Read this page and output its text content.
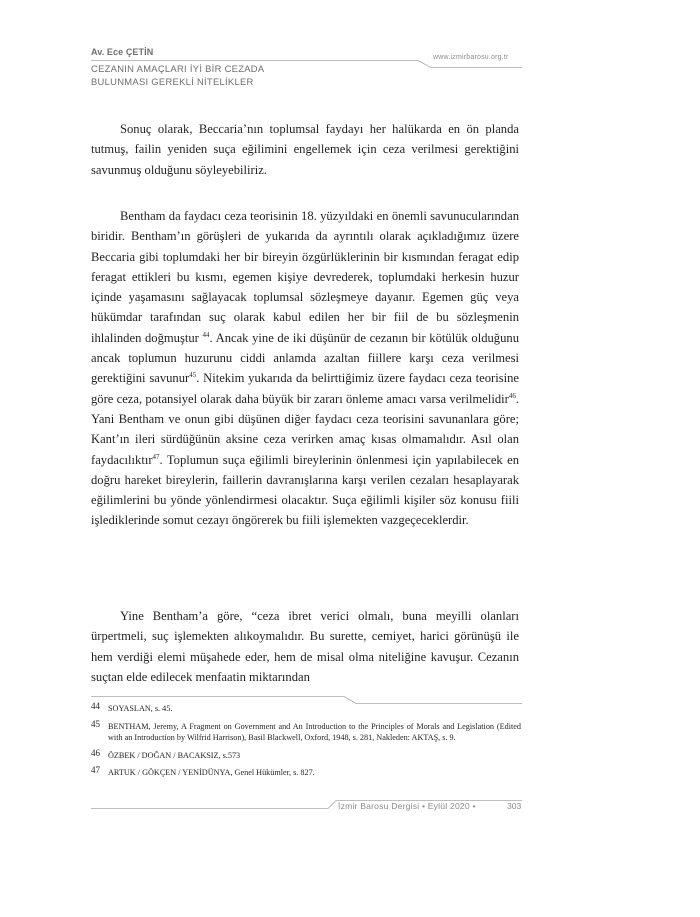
Av. Ece ÇETİN
CEZANIN AMAÇLARI İYİ BİR CEZADA
BULUNMASI GEREKLİ NİTELİKLER
www.izmirbarosu.org.tr

Sonuç olarak, Beccaria’nın toplumsal faydayı her halükarda en ön planda tutmuş, failin yeniden suça eğilimini engellemek için ceza verilmesi gerektiğini savunmuş olduğunu söyleyebiliriz.

Bentham da faydacı ceza teorisinin 18. yüzyıldaki en önemli savunucularından biridir. Bentham’ın görüşleri de yukarıda da ayrıntılı olarak açıkladığımız üzere Beccaria gibi toplumdaki her bir bireyin özgürlüklerinin bir kısmından feragat edip feragat ettikleri bu kısmı, egemen kişiye devrederek, toplumdaki herkesin huzur içinde yaşamasını sağlayacak toplumsal sözleşmeye dayanır. Egemen güç veya hükümdar tarafından suç olarak kabul edilen her bir fiil de bu sözleşmenin ihlalinden doğmuştur $^{44}$. Ancak yine de iki düşünür de cezanın bir kötülük olduğunu ancak toplumun huzurunu ciddi anlamda azaltan fiillere karşı ceza verilmesi gerektiğini savunur$^{45}$. Nitekim yukarıda da belirttiğimiz üzere faydacı ceza teorisine göre ceza, potansiyel olarak daha büyük bir zararı önleme amacı varsa verilmelidir$^{46}$. Yani Bentham ve onun gibi düşünen diğer faydacı ceza teorisini savunanlara göre; Kant’ın ileri sürdüğünün aksine ceza verirken amaç kısas olmamalıdır. Asıl olan faydacılıktır$^{47}$. Toplumun suça eğilimli bireylerinin önlenmesi için yapılabilecek en doğru hareket bireylerin, faillerin davranışlarına karşı verilen cezaları hesaplayarak eğilimlerini bu yönde yönlendirmesi olacaktır. Suça eğilimli kişiler söz konusu fiili işlediklerinde somut cezayı öngörerek bu fiili işlemekten vazgeçeceklerdir.

Yine Bentham’a göre, “ceza ibret verici olmalı, buna meyilli olanları ürpertmeli, suç işlemekten alıkoymalıdır. Bu surette, cemiyet, harici görünüşü ile hem verdiği elemi müşahede eder, hem de misal olma niteliğine kavuşur. Cezanın suçtan elde edilecek menfaatin miktarından

44 SOYASLAN, s. 45.
45 BENTHAM, Jeremy, A Fragment on Government and An Introduction to the Principles of Morals and Legislation (Edited with an Introduction by Wilfrid Harrison), Basil Blackwell, Oxford, 1948, s. 281, Nakleden: AKTAŞ, s. 9.
46 ÖZBEK / DOĞAN / BACAKSIZ, s.573
47 ARTUK / GÖKÇEN / YENİDÜNYA, Genel Hükümler, s. 827.
İzmir Barosu Dergisi • Eylül 2020 •	303
